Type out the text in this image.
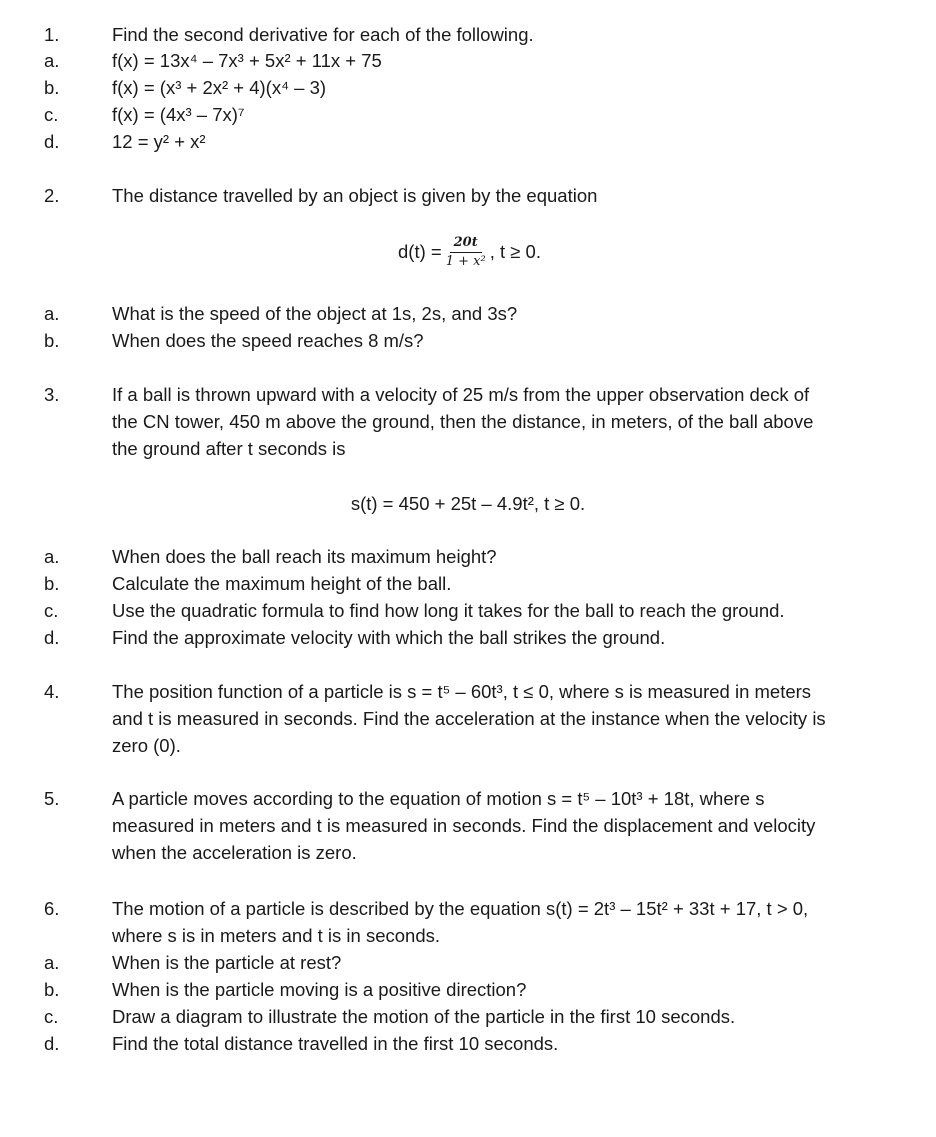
1.	Find the second derivative for each of the following.
a.	f(x) = 13x⁴ – 7x³ + 5x² + 11x + 75
b.	f(x) = (x³ + 2x² + 4)(x⁴ – 3)
c.	f(x) = (4x³ – 7x)⁷
d.	12 = y² + x²
2.	The distance travelled by an object is given by the equation
$d(t) = \frac{20t}{\text{1 + x²}}$ , t ≥ 0.
a.	What is the speed of the object at 1s, 2s, and 3s?
b.	When does the speed reaches 8 m/s?
3.	If a ball is thrown upward with a velocity of 25 m/s from the upper observation deck of
the CN tower, 450 m above the ground, then the distance, in meters, of the ball above
the ground after t seconds is
s(t) = 450 + 25t – 4.9t², t ≥ 0.
a.	When does the ball reach its maximum height?
b.	Calculate the maximum height of the ball.
c.	Use the quadratic formula to find how long it takes for the ball to reach the ground.
d.	Find the approximate velocity with which the ball strikes the ground.
4.	The position function of a particle is s = t⁵ – 60t³, t ≤ 0, where s is measured in meters
and t is measured in seconds. Find the acceleration at the instance when the velocity is
zero (0).
5.	A particle moves according to the equation of motion s = t⁵ – 10t³ + 18t, where s
measured in meters and t is measured in seconds. Find the displacement and velocity
when the acceleration is zero.
6.	The motion of a particle is described by the equation s(t) = 2t³ – 15t² + 33t + 17, t > 0,
where s is in meters and t is in seconds.
a.	When is the particle at rest?
b.	When is the particle moving is a positive direction?
c.	Draw a diagram to illustrate the motion of the particle in the first 10 seconds.
d.	Find the total distance travelled in the first 10 seconds.
